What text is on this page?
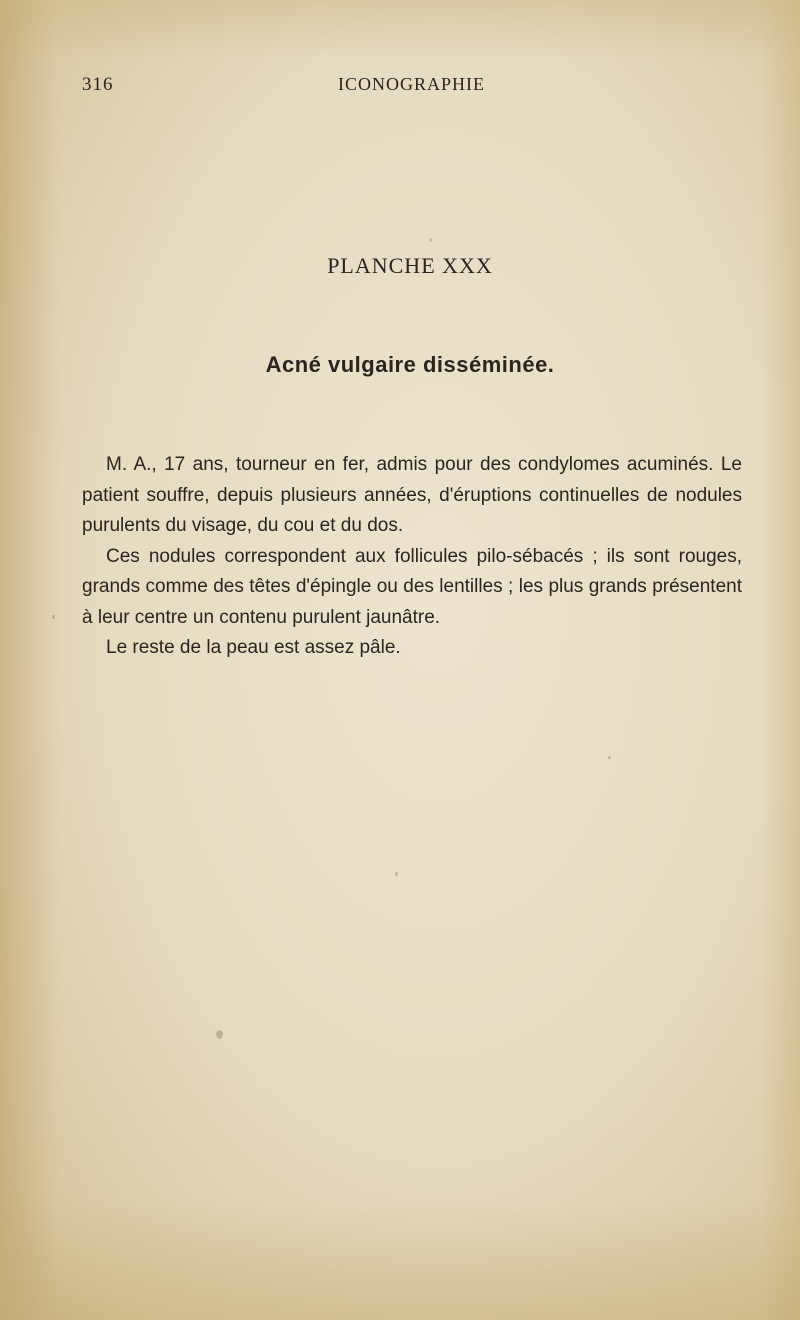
316	ICONOGRAPHIE
PLANCHE XXX
Acné vulgaire disséminée.

M. A., 17 ans, tourneur en fer, admis pour des condylomes acuminés. Le patient souffre, depuis plusieurs années, d'éruptions continuelles de nodules purulents du visage, du cou et du dos.

Ces nodules correspondent aux follicules pilo-sébacés ; ils sont rouges, grands comme des têtes d'épingle ou des lentilles ; les plus grands présentent à leur centre un contenu purulent jaunâtre.

Le reste de la peau est assez pâle.
